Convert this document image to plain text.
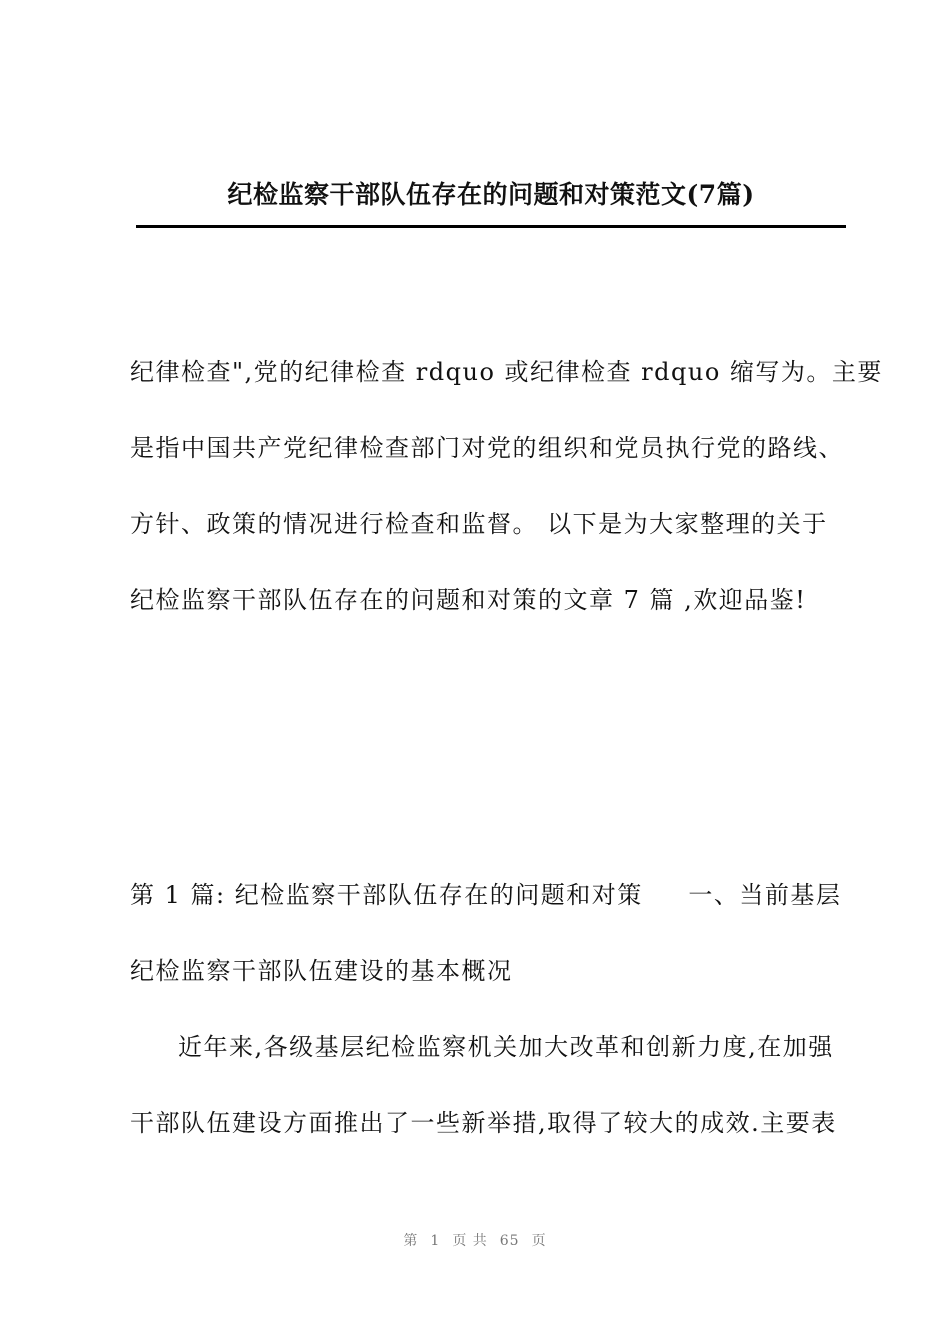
纪检监察干部队伍存在的问题和对策范文(7篇)
纪律检查",党的纪律检查 rdquo 或纪律检查 rdquo 缩写为。主要
是指中国共产党纪律检查部门对党的组织和党员执行党的路线、
方针、政策的情况进行检查和监督。 以下是为大家整理的关于
纪检监察干部队伍存在的问题和对策的文章 7 篇 ,欢迎品鉴!
第 1 篇: 纪检监察干部队伍存在的问题和对策     一、当前基层
纪检监察干部队伍建设的基本概况
近年来,各级基层纪检监察机关加大改革和创新力度,在加强
干部队伍建设方面推出了一些新举措,取得了较大的成效.主要表
第 1 页 共 65 页
